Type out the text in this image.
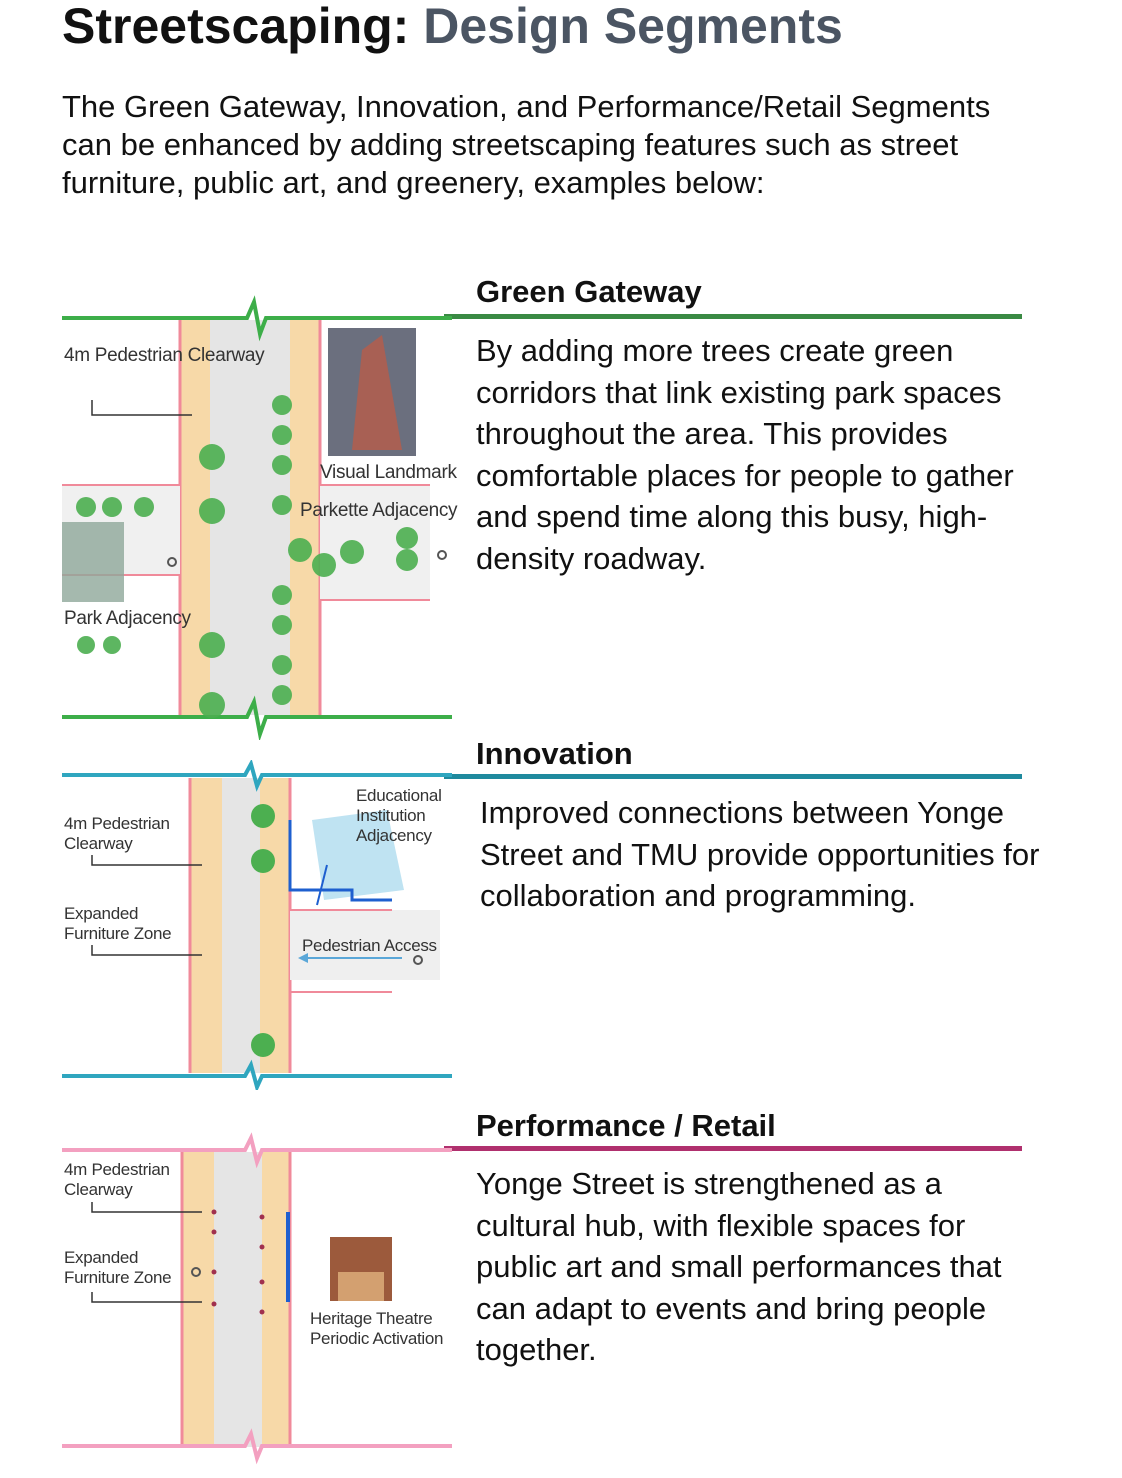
Streetscaping: Design Segments
The Green Gateway, Innovation, and Performance/Retail Segments can be enhanced by adding streetscaping features such as street furniture, public art, and greenery, examples below:
Green Gateway
By adding more trees create green corridors that link existing park spaces throughout the area. This provides comfortable places for people to gather and spend time along this busy, high-density roadway.
4m Pedestrian Clearway
Visual Landmark
Parkette Adjacency
Park Adjacency
Innovation
Improved connections between Yonge Street and TMU provide opportunities for collaboration and programming.
4m Pedestrian Clearway
Expanded Furniture Zone
Educational Institution Adjacency
Pedestrian Access
Performance / Retail
Yonge Street is strengthened as a cultural hub, with flexible spaces for public art and small performances that can adapt to events and bring people together.
4m Pedestrian Clearway
Expanded Furniture Zone
Heritage Theatre
Periodic Activation
